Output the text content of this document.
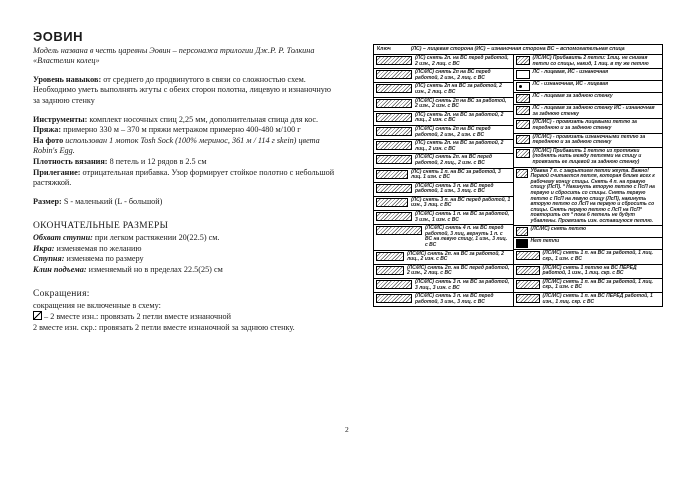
ЭОВИН

Модель названа в честь царевны Эовин – персонажа трилогии Дж.Р. Р. Толкина «Властелин колец»

Уровень навыков: от среднего до продвинутого в связи со сложностью схем.

Необходимо уметь выполнять жгуты с обеих сторон полотна, лицевую и изнаночную за заднюю стенку

Инструменты: комплект носочных спиц 2,25 мм, дополнительная спица для кос.

Пряжа: примерно 330 м – 370 м пряжи метражом примерно 400-480 м/100 г

На фото использован 1 моток Tosh Sock (100% меринос, 361 м / 114 г skein) цвета Robin's Egg.

Плотность вязания: 8 петель и 12 рядов в 2.5 см

Прилегание: отрицательная прибавка. Узор формирует стойкое полотно с небольшой растяжкой.

Размер: S - маленький (L - большой)

ОКОНЧАТЕЛЬНЫЕ РАЗМЕРЫ

Обхват ступни: при легком растяжении 20(22.5) см.

Икра: изменяемая по желанию

Ступня: изменяема по размеру

Клин подъема: изменяемый но в пределах 22.5(25) см

Сокращения:

сокращения не включенные в схему:

– 2 вместе изн.: провязать 2 петли вместе изнаночной

2 вместе изн. скр.: провязать 2 петли вместе изнаночной за заднюю стенку.

2
Ключ	(ЛС) – лицевая сторона (ИС) – изнаночная сторона ВС – вспомогательная спица
(ЛС) снять 2п. на ВС перед работой, 2 изн., 2 лиц. с ВС
(ЛС/ИС) снять 2п на ВС перед работой, 2 изн., 2 лиц. с ВС
(ЛС) снять 2п на ВС за работой, 2 изн., 2 лиц. с ВС
(ЛС/ИС) снять 2п на ВС за работой, 2 изн., 2 изн. с ВС
(ЛС) снять 2п. на ВС за работой, 2 лиц., 2 изн. с ВС
(ЛС/ИС) снять 2п на ВС перед работой, 2 изн., 2 изн. с ВС
(ЛС) снять 2п. на ВС за работой, 2 лиц., 2 изн. с ВС
(ЛС/ИС) снять 2п. на ВС перед работой, 2 лиц., 2 изн. с ВС
(ЛС) снять 1 п. на ВС за работой, 3 лиц. 1 изн. с ВС
(ЛС/ИС) снять 3 п. на ВС перед работой, 1 изн., 3 лиц. с ВС
(ЛС) снять 3 п. на ВС перед работой, 1 изн., 3 лиц. с ВС
(ЛС/ИС) снять 1 п. на ВС за работой, 3 изн., 1 изн. с ВС
(ЛС/ИС) снять 4 п. на ВС перед работой, 3 лиц, вернуть 1 п. с ВС на левую спицу, 1 изн., 3 лиц. с ВС
(ЛС/ИС) снять 2п. на ВС за работой, 2 лиц., 2 изн. с ВС
(ЛС/ИС) снять 2п. на ВС перед работой, 2 изн., 2 лиц. с ВС
(ЛС/ИС) снять 3 п. на ВС за работой, 3 лиц., 3 изн. с ВС
(ЛС/ИС) снять 3 п. на ВС перед работой, 3 изн., 3 лиц. с ВС
(ЛС/ИС) Прибавить 2 петли: 1лиц. не снимая петли со спицы, накид, 1 лиц. в ту же петлю
ЛС - лицевая, ИС - изнаночная
ЛС - изнаночная, ИС - лицевая
ЛС - лицевая за заднюю стенку
ЛС - лицевая за заднюю стенку ИС - изнаночная за заднюю стенку
(ЛС/ИС) - провязать лицевыми петлю за переднюю и за заднюю стенку
(ЛС/ИС) - провязать изнаночными петлю за переднюю и за заднюю стенку
(ЛС/ИС) Прибавить 1 петлю из протяжки (поднять нить между петлями на спицу и провязать ее лицевой за заднюю стенку)
Убавка 7 п. с закрытием петли жгута. Важно! Первой считается петля, которая ближе всех к рабочему концу спицы. Снять 4 п. на правую спицу (ПсП). * Накинуть вторую петлю с ПсП на первую и сбросить со спицы. Снять первую петлю с ПсП на левую спицу (ЛсП), накинуть вторую петлю со ЛсП на первую и сбросить со спицы. Снять первую петлю с ЛсП на ПсП* повторить от * пока 6 петель не будут убавлены. Провязать изн. оставшуюся петлю.
(ЛС/ИС) снять петлю
Нет петли
(ЛС/ИС) снять 1 п. на ВС за работой, 1 лиц. скр., 1 изн. с ВС
(ЛС/ИС) снять 1 петлю на ВС ПЕРЕД работой, 1 изн., 1 лиц. скр. с ВС
(ЛС/ИС) снять 1 п. на ВС за работой, 1 лиц. скр., 1 изн. с ВС
(ЛС/ИС) снять 1 п. на ВС ПЕРЕД работой, 1 изн., 1 лиц. скр. с ВС
